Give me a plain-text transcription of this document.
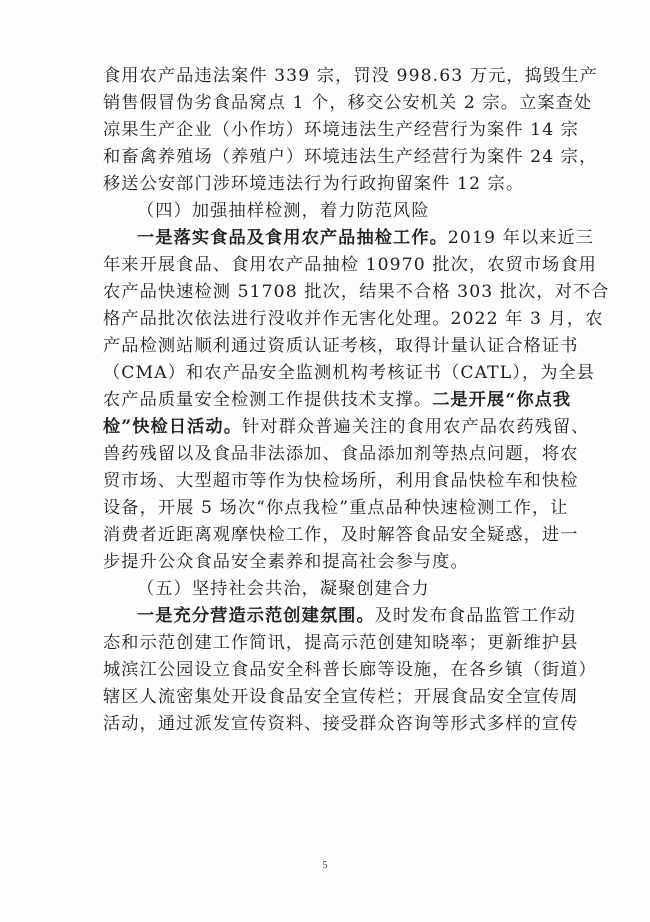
食用农产品违法案件 339 宗，罚没 998.63 万元，捣毁生产
销售假冒伪劣食品窝点 1 个，移交公安机关 2 宗。立案查处
凉果生产企业（小作坊）环境违法生产经营行为案件 14 宗
和畜禽养殖场（养殖户）环境违法生产经营行为案件 24 宗，
移送公安部门涉环境违法行为行政拘留案件 12 宗。
（四）加强抽样检测，着力防范风险
一是落实食品及食用农产品抽检工作。2019 年以来近三
年来开展食品、食用农产品抽检 10970 批次，农贸市场食用
农产品快速检测 51708 批次，结果不合格 303 批次，对不合
格产品批次依法进行没收并作无害化处理。2022 年 3 月，农
产品检测站顺利通过资质认证考核，取得计量认证合格证书
（CMA）和农产品安全监测机构考核证书（CATL），为全县
农产品质量安全检测工作提供技术支撑。二是开展“你点我
检”快检日活动。针对群众普遍关注的食用农产品农药残留、
兽药残留以及食品非法添加、食品添加剂等热点问题，将农
贸市场、大型超市等作为快检场所，利用食品快检车和快检
设备，开展 5 场次“你点我检”重点品种快速检测工作，让
消费者近距离观摩快检工作，及时解答食品安全疑惑，进一
步提升公众食品安全素养和提高社会参与度。
（五）坚持社会共治，凝聚创建合力
一是充分营造示范创建氛围。及时发布食品监管工作动
态和示范创建工作简讯，提高示范创建知晓率；更新维护县
城滨江公园设立食品安全科普长廊等设施，在各乡镇（街道）
辖区人流密集处开设食品安全宣传栏；开展食品安全宣传周
活动，通过派发宣传资料、接受群众咨询等形式多样的宣传
5
